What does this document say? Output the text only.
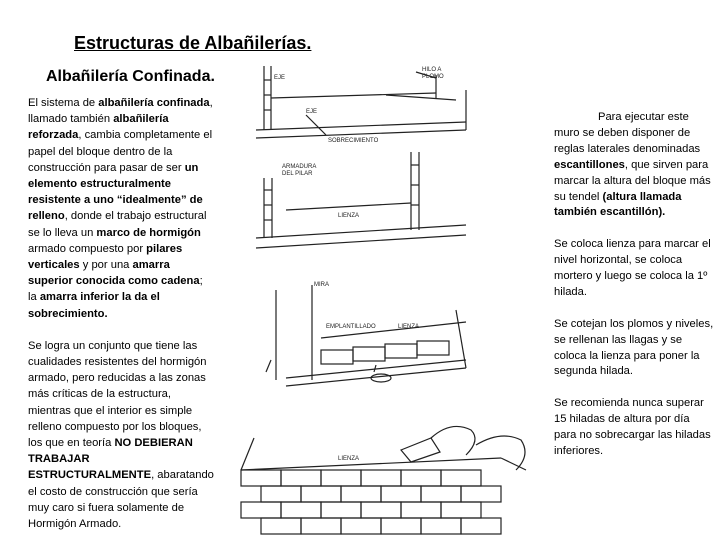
Estructuras de Albañilerías.
Albañilería Confinada.

El sistema de albañilería confinada, llamado también albañilería reforzada, cambia completamente el papel del bloque dentro de la construcción para pasar de ser un elemento estructuralmente resistente a uno “idealmente” de relleno, donde el trabajo estructural se lo lleva un marco de hormigón armado compuesto por pilares verticales y por una amarra superior conocida como cadena; la amarra inferior la da el sobrecimiento.

Se logra un conjunto que tiene las cualidades resistentes del hormigón armado, pero reducidas a las zonas más críticas de la estructura, mientras que el interior es simple relleno compuesto por los bloques, los que en teoría NO DEBIERAN TRABAJAR ESTRUCTURALMENTE, abaratando el costo de construcción que sería muy caro si fuera solamente de Hormigón Armado.

Para ejecutar este muro se deben disponer de reglas laterales denominadas escantillones, que sirven para marcar la altura del bloque más su tendel (altura llamada también escantillón).

Se coloca lienza para marcar el nivel horizontal, se coloca mortero y luego se coloca la 1º hilada.

Se cotejan los plomos y niveles, se rellenan las llagas y se coloca la lienza para poner la segunda hilada.

Se recomienda nunca superar 15 hiladas de altura por día para no sobrecargar las hiladas inferiores.

EJE
HILO A
PLOMO
EJE
SOBRECIMIENTO
ARMADURA
DEL PILAR
LIENZA
MIRA
EMPLANTILLADO	LIENZA
LIENZA
